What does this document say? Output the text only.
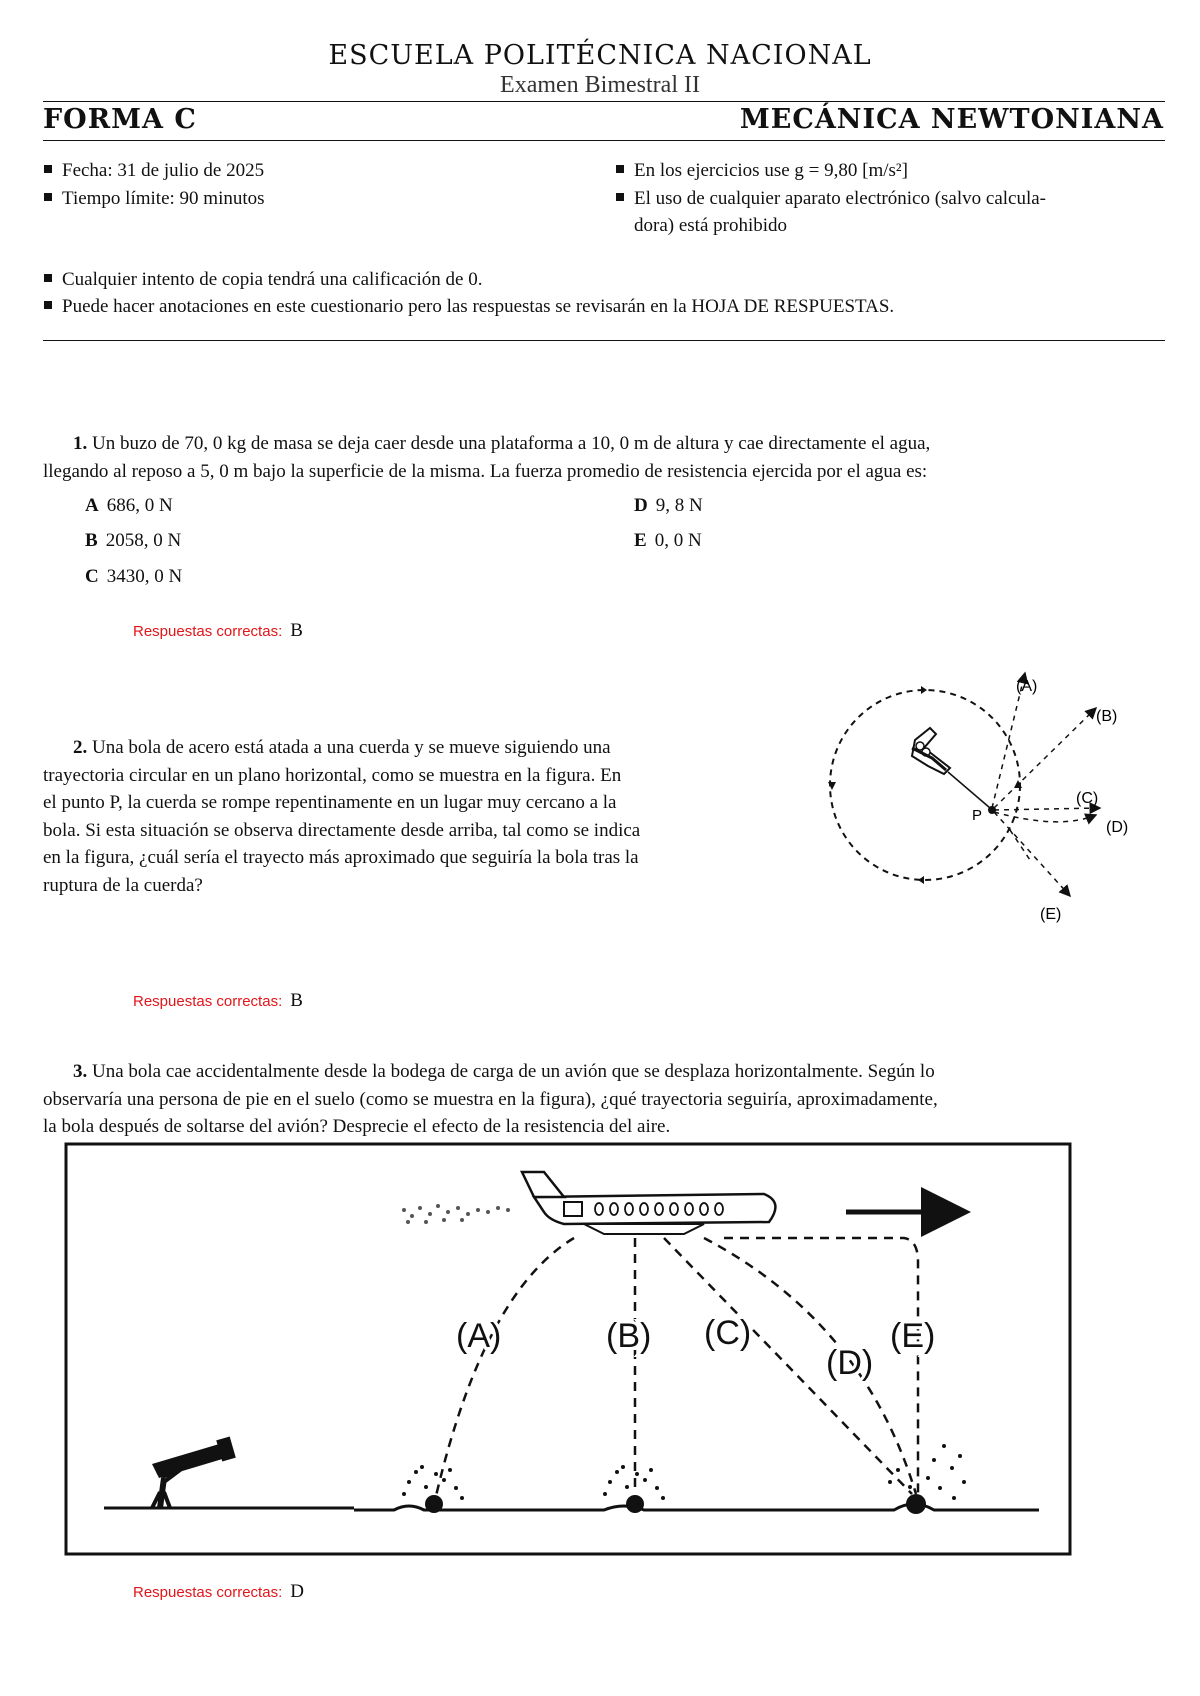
ESCUELA POLITÉCNICA NACIONAL
Examen Bimestral II
FORMA C	MECÁNICA NEWTONIANA
Fecha: 31 de julio de 2025
Tiempo límite: 90 minutos
En los ejercicios use g = 9,80 [m/s²]
El uso de cualquier aparato electrónico (salvo calcula-
dora) está prohibido
Cualquier intento de copia tendrá una calificación de 0.
Puede hacer anotaciones en este cuestionario pero las respuestas se revisarán en la HOJA DE RESPUESTAS.
1. Un buzo de 70, 0 kg de masa se deja caer desde una plataforma a 10, 0 m de altura y cae directamente el agua,
llegando al reposo a 5, 0 m bajo la superficie de la misma. La fuerza promedio de resistencia ejercida por el agua es:
A 686, 0 N
B 2058, 0 N
C 3430, 0 N
D 9, 8 N
E 0, 0 N
Respuestas correctas: B
2. Una bola de acero está atada a una cuerda y se mueve siguiendo una
trayectoria circular en un plano horizontal, como se muestra en la figura. En
el punto P, la cuerda se rompe repentinamente en un lugar muy cercano a la
bola. Si esta situación se observa directamente desde arriba, tal como se indica
en la figura, ¿cuál sería el trayecto más aproximado que seguiría la bola tras la
ruptura de la cuerda?
P
(A)
(B)
(C)
(D)
(E)
Respuestas correctas: B
3. Una bola cae accidentalmente desde la bodega de carga de un avión que se desplaza horizontalmente. Según lo
observaría una persona de pie en el suelo (como se muestra en la figura), ¿qué trayectoria seguiría, aproximadamente,
la bola después de soltarse del avión? Desprecie el efecto de la resistencia del aire.
(A)	(B) (C)
(D)
(E)
Respuestas correctas: D
